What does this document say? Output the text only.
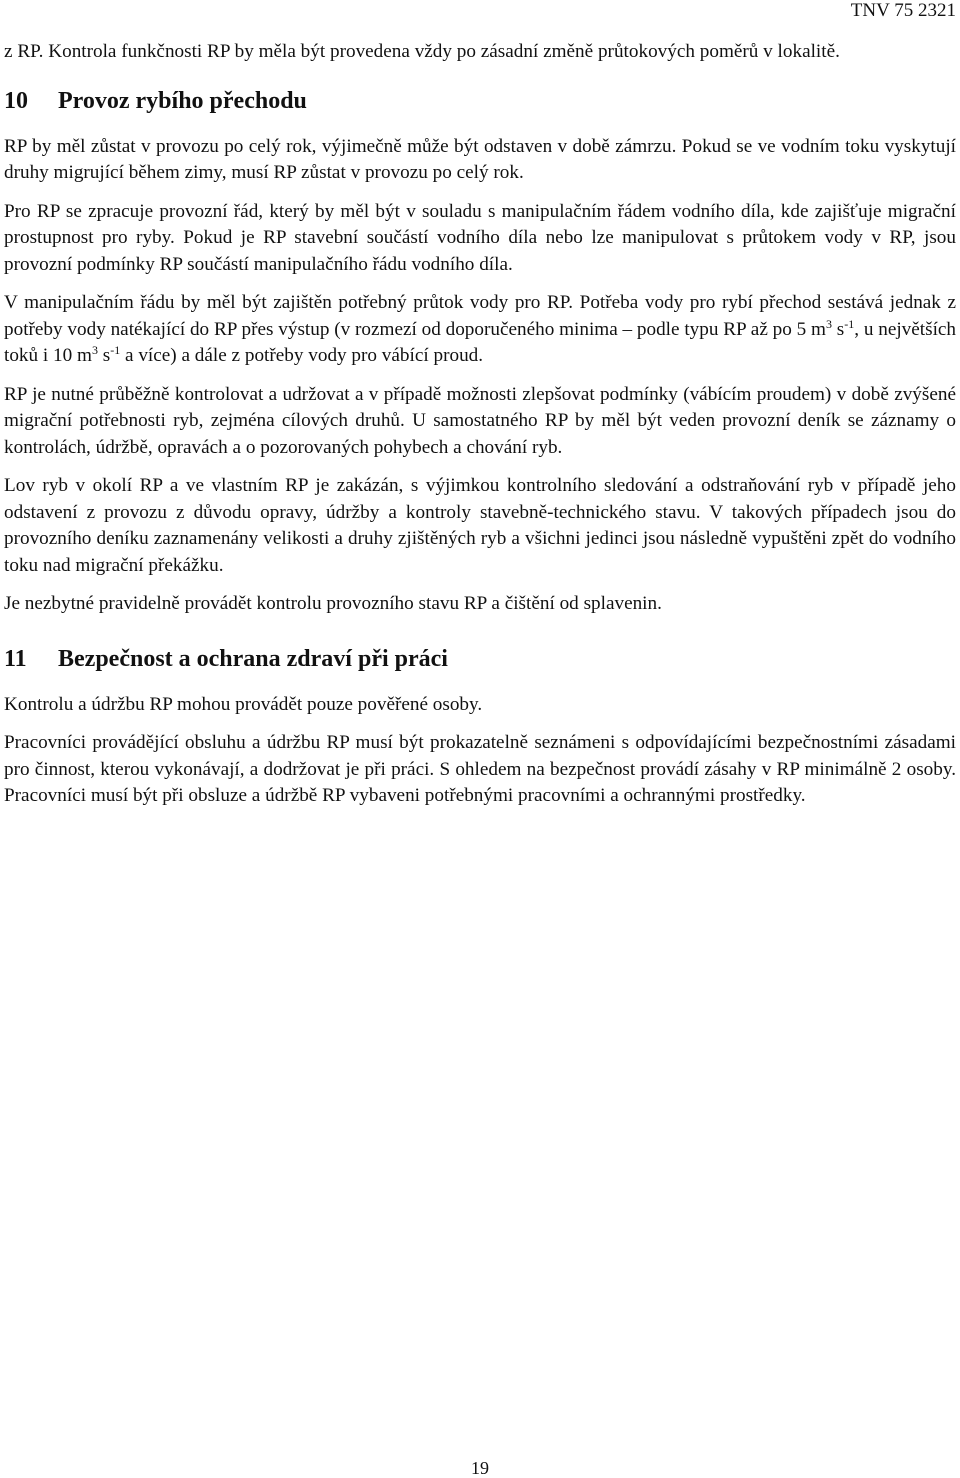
TNV 75 2321

z RP. Kontrola funkčnosti RP by měla být provedena vždy po zásadní změně průtokových poměrů v lokalitě.

10 Provoz rybího přechodu

RP by měl zůstat v provozu po celý rok, výjimečně může být odstaven v době zámrzu. Pokud se ve vodním toku vyskytují druhy migrující během zimy, musí RP zůstat v provozu po celý rok.

Pro RP se zpracuje provozní řád, který by měl být v souladu s manipulačním řádem vodního díla, kde zajišťuje migrační prostupnost pro ryby. Pokud je RP stavební součástí vodního díla nebo lze manipulovat s průtokem vody v RP, jsou provozní podmínky RP součástí manipulačního řádu vodního díla.

V manipulačním řádu by měl být zajištěn potřebný průtok vody pro RP. Potřeba vody pro rybí přechod sestává jednak z potřeby vody natékající do RP přes výstup (v rozmezí od doporučeného minima – podle typu RP až po 5 $m^3$ $s^{-1}$, u největších toků i 10 $m^3$ $s^{-1}$ a více) a dále z potřeby vody pro vábící proud.

RP je nutné průběžně kontrolovat a udržovat a v případě možnosti zlepšovat podmínky (vábícím proudem) v době zvýšené migrační potřebnosti ryb, zejména cílových druhů. U samostatného RP by měl být veden provozní deník se záznamy o kontrolách, údržbě, opravách a o pozorovaných pohybech a chování ryb.

Lov ryb v okolí RP a ve vlastním RP je zakázán, s výjimkou kontrolního sledování a odstraňování ryb v případě jeho odstavení z provozu z důvodu opravy, údržby a kontroly stavebně-technického stavu. V takových případech jsou do provozního deníku zaznamenány velikosti a druhy zjištěných ryb a všichni jedinci jsou následně vypuštěni zpět do vodního toku nad migrační překážku.

Je nezbytné pravidelně provádět kontrolu provozního stavu RP a čištění od splavenin.

11 Bezpečnost a ochrana zdraví při práci

Kontrolu a údržbu RP mohou provádět pouze pověřené osoby.

Pracovníci provádějící obsluhu a údržbu RP musí být prokazatelně seznámeni s odpovídajícími bezpečnostními zásadami pro činnost, kterou vykonávají, a dodržovat je při práci. S ohledem na bezpečnost provádí zásahy v RP minimálně 2 osoby. Pracovníci musí být při obsluze a údržbě RP vybaveni potřebnými pracovními a ochrannými prostředky.

19
